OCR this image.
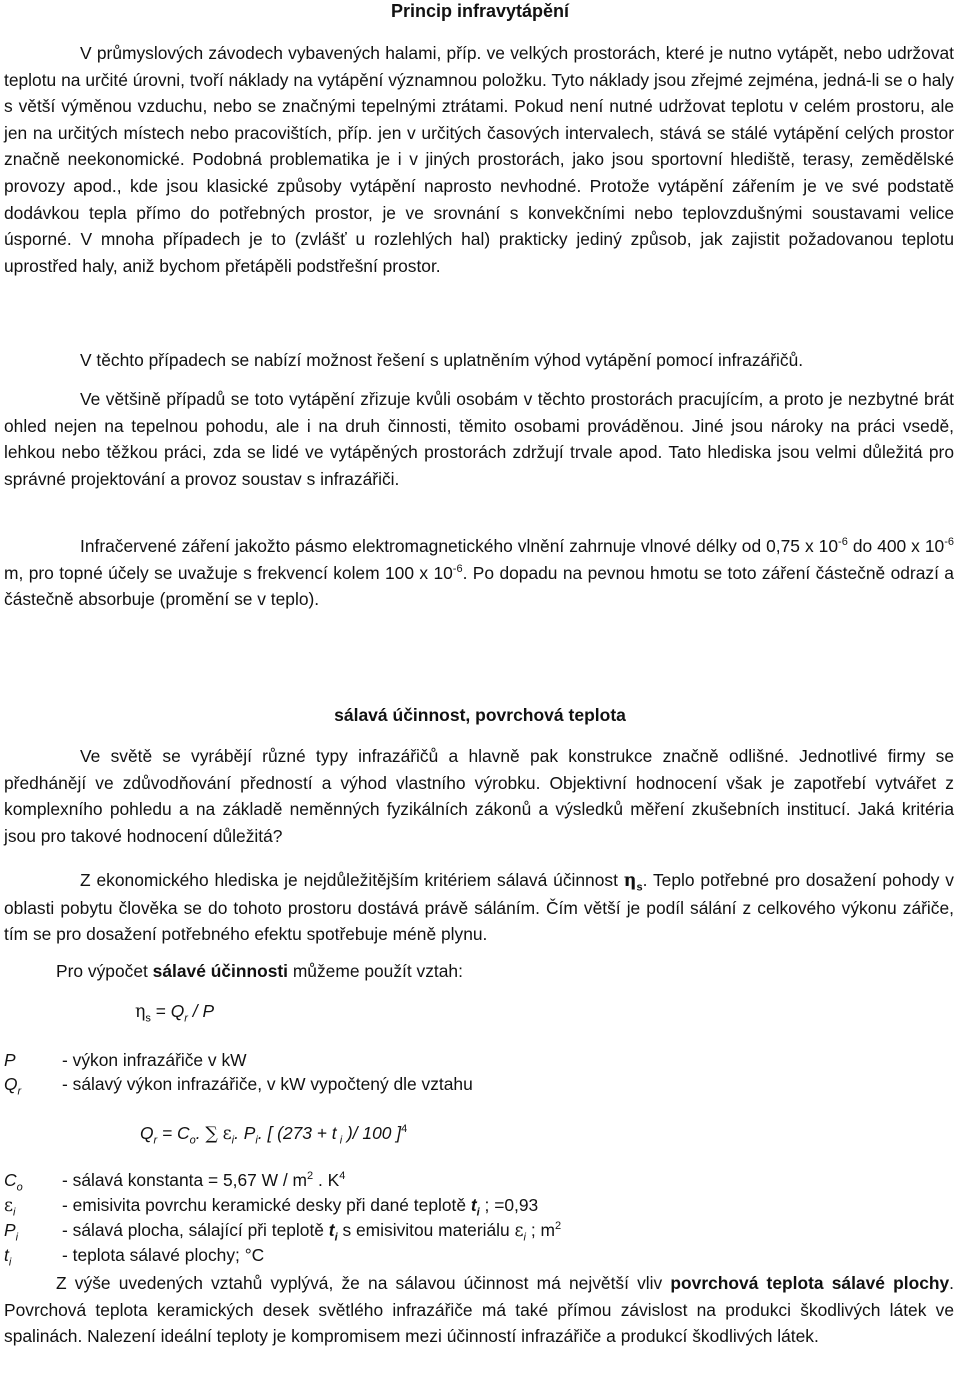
Princip infravytápění
V průmyslových závodech vybavených halami, příp. ve velkých prostorách, které je nutno vytápět, nebo udržovat teplotu na určité úrovni, tvoří náklady na vytápění významnou položku. Tyto náklady jsou zřejmé zejména, jedná-li se o haly s větší výměnou vzduchu, nebo se značnými tepelnými ztrátami. Pokud není nutné udržovat teplotu v celém prostoru, ale jen na určitých místech nebo pracovištích, příp. jen v určitých časových intervalech, stává se stálé vytápění celých prostor značně neekonomické. Podobná problematika je i v jiných prostorách, jako jsou sportovní hlediště, terasy, zemědělské provozy apod., kde jsou klasické způsoby vytápění naprosto nevhodné. Protože vytápění zářením je ve své podstatě dodávkou tepla přímo do potřebných prostor, je ve srovnání s konvekčními nebo teplovzdušnými soustavami velice úsporné. V mnoha případech je to (zvlášť u rozlehlých hal) prakticky jediný způsob, jak zajistit požadovanou teplotu uprostřed haly, aniž bychom přetápěli podstřešní prostor.
V těchto případech se nabízí možnost řešení s uplatněním výhod vytápění pomocí infrazářičů.
Ve většině případů se toto vytápění zřizuje kvůli osobám v těchto prostorách pracujícím, a proto je nezbytné brát ohled nejen na tepelnou pohodu, ale i na druh činnosti, těmito osobami prováděnou. Jiné jsou nároky na práci vsedě, lehkou nebo těžkou práci, zda se lidé ve vytápěných prostorách zdržují trvale apod. Tato hlediska jsou velmi důležitá pro správné projektování a provoz soustav s infrazářiči.
Infračervené záření jakožto pásmo elektromagnetického vlnění zahrnuje vlnové délky od 0,75 x $10^{-6}$ do 400 x $10^{-6}$ m, pro topné účely se uvažuje s frekvencí kolem 100 x $10^{-6}$. Po dopadu na pevnou hmotu se toto záření částečně odrazí a částečně absorbuje (promění se v teplo).
sálavá účinnost, povrchová teplota
Ve světě se vyrábějí různé typy infrazářičů a hlavně pak konstrukce značně odlišné. Jednotlivé firmy se předhánějí ve zdůvodňování předností a výhod vlastního výrobku. Objektivní hodnocení však je zapotřebí vytvářet z komplexního pohledu a na základě neměnných fyzikálních zákonů a výsledků měření zkušebních institucí. Jaká kritéria jsou pro takové hodnocení důležitá?
Z ekonomického hlediska je nejdůležitějším kritériem sálavá účinnost $\eta_s$. Teplo potřebné pro dosažení pohody v oblasti pobytu člověka se do tohoto prostoru dostává právě sáláním. Čím větší je podíl sálání z celkového výkonu zářiče, tím se pro dosažení potřebného efektu spotřebuje méně plynu.
Pro výpočet sálavé účinnosti můžeme použít vztah:
$\eta_s = Q_r / P$
P	- výkon infrazářiče v kW
$Q_r$	- sálavý výkon infrazářiče, v kW vypočtený dle vztahu
$Q_r = C_o$. ∑ $\varepsilon_i$. $P_i$. [ (273 + t $_i$ )/ 100 ]$^4$
$C_o$	- sálavá konstanta = 5,67 W / $m^2$ . $K^4$
$\varepsilon_i$	- emisivita povrchu keramické desky při dané teplotě $t_i$ ; =0,93
$P_i$	- sálavá plocha, sálající při teplotě $t_i$ s emisivitou materiálu $\varepsilon_i$ ; $m^2$
$t_i$	- teplota sálavé plochy; °C
Z výše uvedených vztahů vyplývá, že na sálavou účinnost má největší vliv povrchová teplota sálavé plochy. Povrchová teplota keramických desek světlého infrazářiče má také přímou závislost na produkci škodlivých látek ve spalinách. Nalezení ideální teploty je kompromisem mezi účinností infrazářiče a produkcí škodlivých látek.
